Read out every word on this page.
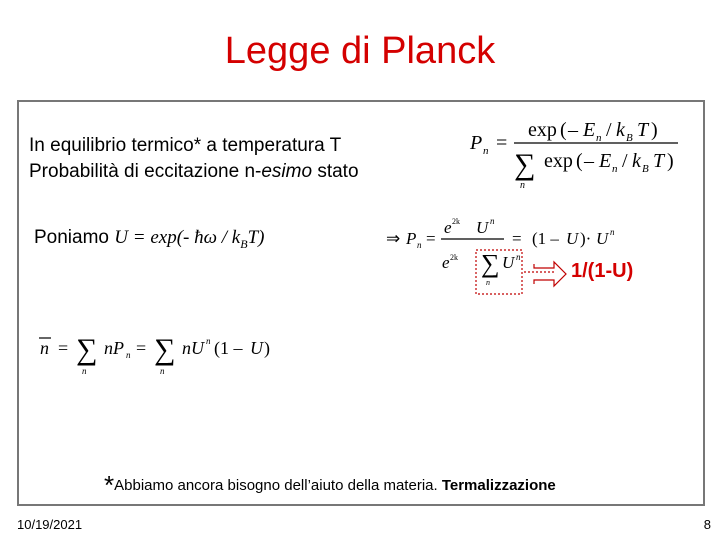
Legge di Planck
In equilibrio termico* a temperatura T
Probabilità di eccitazione n-esimo stato
P n =
exp ( – E n / k B T )
∑
n
exp ( – E n / k B T )
Poniamo U = exp(- ħω / $k_BT$)	⇒ P n =
e 2k U n
e 2k ∑ U n
n
= (1 – U )· U n
1/(1-U)
n = ∑
n
nP n = ∑
n
nU n (1 – U )
*Abbiamo ancora bisogno dell’aiuto della materia. Termalizzazione
10/19/2021	8
